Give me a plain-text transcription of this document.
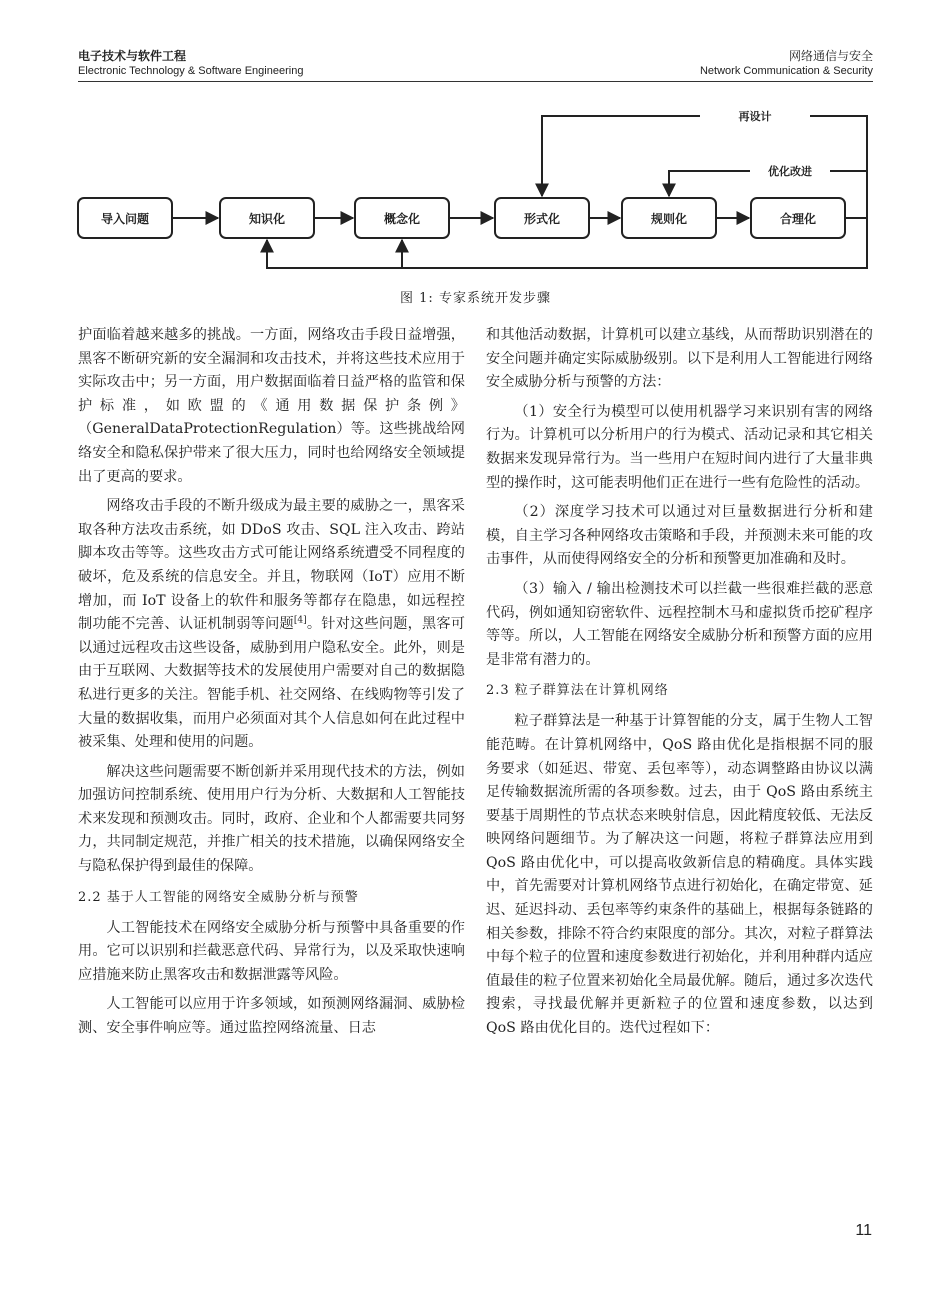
电子技术与软件工程
Electronic Technology & Software Engineering
网络通信与安全
Network Communication & Security
导入问题	知识化	概念化	形式化	规则化	合理化
再设计
优化改进
图 1: 专家系统开发步骤

护面临着越来越多的挑战。一方面，网络攻击手段日益增强，黑客不断研究新的安全漏洞和攻击技术，并将这些技术应用于实际攻击中；另一方面，用户数据面临着日益严格的监管和保护标准，如欧盟的《通用数据保护条例》（GeneralDataProtectionRegulation）等。这些挑战给网络安全和隐私保护带来了很大压力，同时也给网络安全领域提出了更高的要求。

网络攻击手段的不断升级成为最主要的威胁之一，黑客采取各种方法攻击系统，如 DDoS 攻击、SQL 注入攻击、跨站脚本攻击等等。这些攻击方式可能让网络系统遭受不同程度的破坏，危及系统的信息安全。并且，物联网（IoT）应用不断增加，而 IoT 设备上的软件和服务等都存在隐患，如远程控制功能不完善、认证机制弱等问题[4]。针对这些问题，黑客可以通过远程攻击这些设备，威胁到用户隐私安全。此外，则是由于互联网、大数据等技术的发展使用户需要对自己的数据隐私进行更多的关注。智能手机、社交网络、在线购物等引发了大量的数据收集，而用户必须面对其个人信息如何在此过程中被采集、处理和使用的问题。

解决这些问题需要不断创新并采用现代技术的方法，例如加强访问控制系统、使用用户行为分析、大数据和人工智能技术来发现和预测攻击。同时，政府、企业和个人都需要共同努力，共同制定规范，并推广相关的技术措施，以确保网络安全与隐私保护得到最佳的保障。

2.2 基于人工智能的网络安全威胁分析与预警

人工智能技术在网络安全威胁分析与预警中具备重要的作用。它可以识别和拦截恶意代码、异常行为，以及采取快速响应措施来防止黑客攻击和数据泄露等风险。

人工智能可以应用于许多领域，如预测网络漏洞、威胁检测、安全事件响应等。通过监控网络流量、日志

和其他活动数据，计算机可以建立基线，从而帮助识别潜在的安全问题并确定实际威胁级别。以下是利用人工智能进行网络安全威胁分析与预警的方法：

（1）安全行为模型可以使用机器学习来识别有害的网络行为。计算机可以分析用户的行为模式、活动记录和其它相关数据来发现异常行为。当一些用户在短时间内进行了大量非典型的操作时，这可能表明他们正在进行一些有危险性的活动。

（2）深度学习技术可以通过对巨量数据进行分析和建模，自主学习各种网络攻击策略和手段，并预测未来可能的攻击事件，从而使得网络安全的分析和预警更加准确和及时。

（3）输入 / 输出检测技术可以拦截一些很难拦截的恶意代码，例如通知窃密软件、远程控制木马和虚拟货币挖矿程序等等。所以，人工智能在网络安全威胁分析和预警方面的应用是非常有潜力的。

2.3 粒子群算法在计算机网络

粒子群算法是一种基于计算智能的分支，属于生物人工智能范畴。在计算机网络中，QoS 路由优化是指根据不同的服务要求（如延迟、带宽、丢包率等），动态调整路由协议以满足传输数据流所需的各项参数。过去，由于 QoS 路由系统主要基于周期性的节点状态来映射信息，因此精度较低、无法反映网络问题细节。为了解决这一问题，将粒子群算法应用到 QoS 路由优化中，可以提高收敛新信息的精确度。具体实践中，首先需要对计算机网络节点进行初始化，在确定带宽、延迟、延迟抖动、丢包率等约束条件的基础上，根据每条链路的相关参数，排除不符合约束限度的部分。其次，对粒子群算法中每个粒子的位置和速度参数进行初始化，并利用种群内适应值最佳的粒子位置来初始化全局最优解。随后，通过多次迭代搜索，寻找最优解并更新粒子的位置和速度参数，以达到 QoS 路由优化目的。迭代过程如下：

11
